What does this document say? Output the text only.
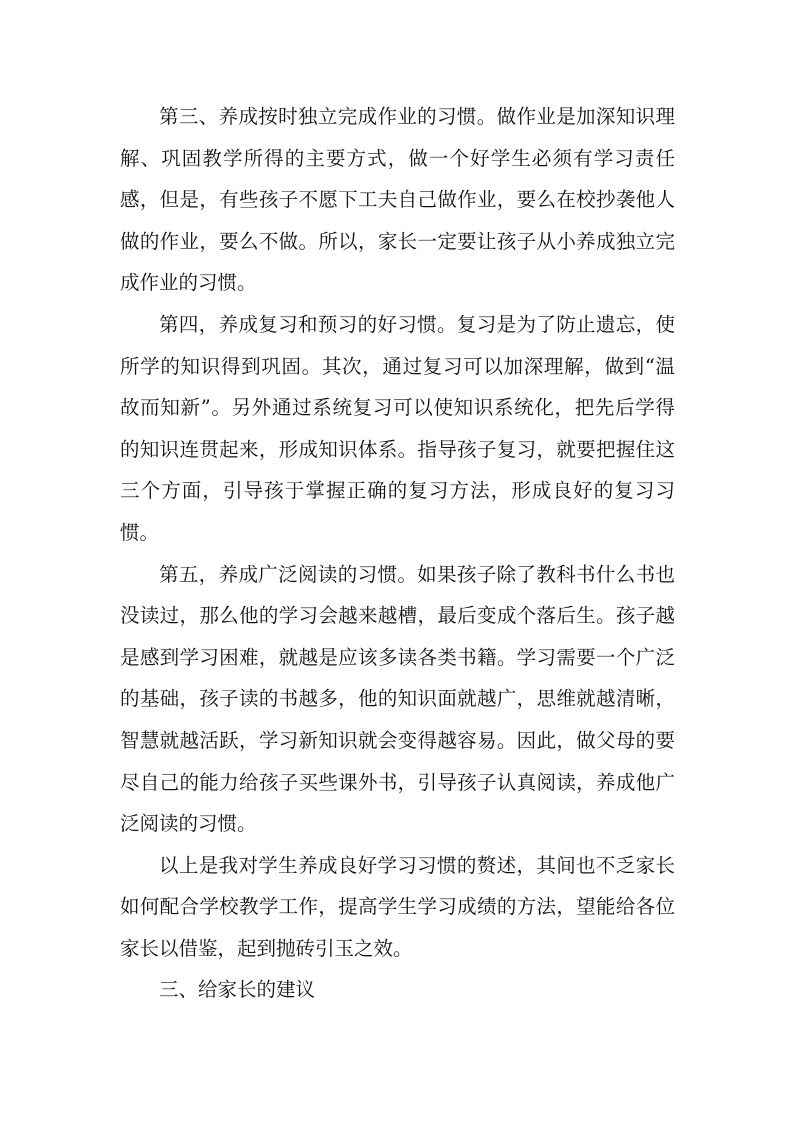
第三、养成按时独立完成作业的习惯。做作业是加深知识理解、巩固教学所得的主要方式，做一个好学生必须有学习责任感，但是，有些孩子不愿下工夫自己做作业，要么在校抄袭他人做的作业，要么不做。所以，家长一定要让孩子从小养成独立完成作业的习惯。

第四，养成复习和预习的好习惯。复习是为了防止遗忘，使所学的知识得到巩固。其次，通过复习可以加深理解，做到“温故而知新”。另外通过系统复习可以使知识系统化，把先后学得的知识连贯起来，形成知识体系。指导孩子复习，就要把握住这三个方面，引导孩于掌握正确的复习方法，形成良好的复习习惯。

第五，养成广泛阅读的习惯。如果孩子除了教科书什么书也没读过，那么他的学习会越来越槽，最后变成个落后生。孩子越是感到学习困难，就越是应该多读各类书籍。学习需要一个广泛的基础，孩子读的书越多，他的知识面就越广，思维就越清晰，智慧就越活跃，学习新知识就会变得越容易。因此，做父母的要尽自己的能力给孩子买些课外书，引导孩子认真阅读，养成他广泛阅读的习惯。

以上是我对学生养成良好学习习惯的赘述，其间也不乏家长如何配合学校教学工作，提高学生学习成绩的方法，望能给各位家长以借鉴，起到抛砖引玉之效。

三、给家长的建议
